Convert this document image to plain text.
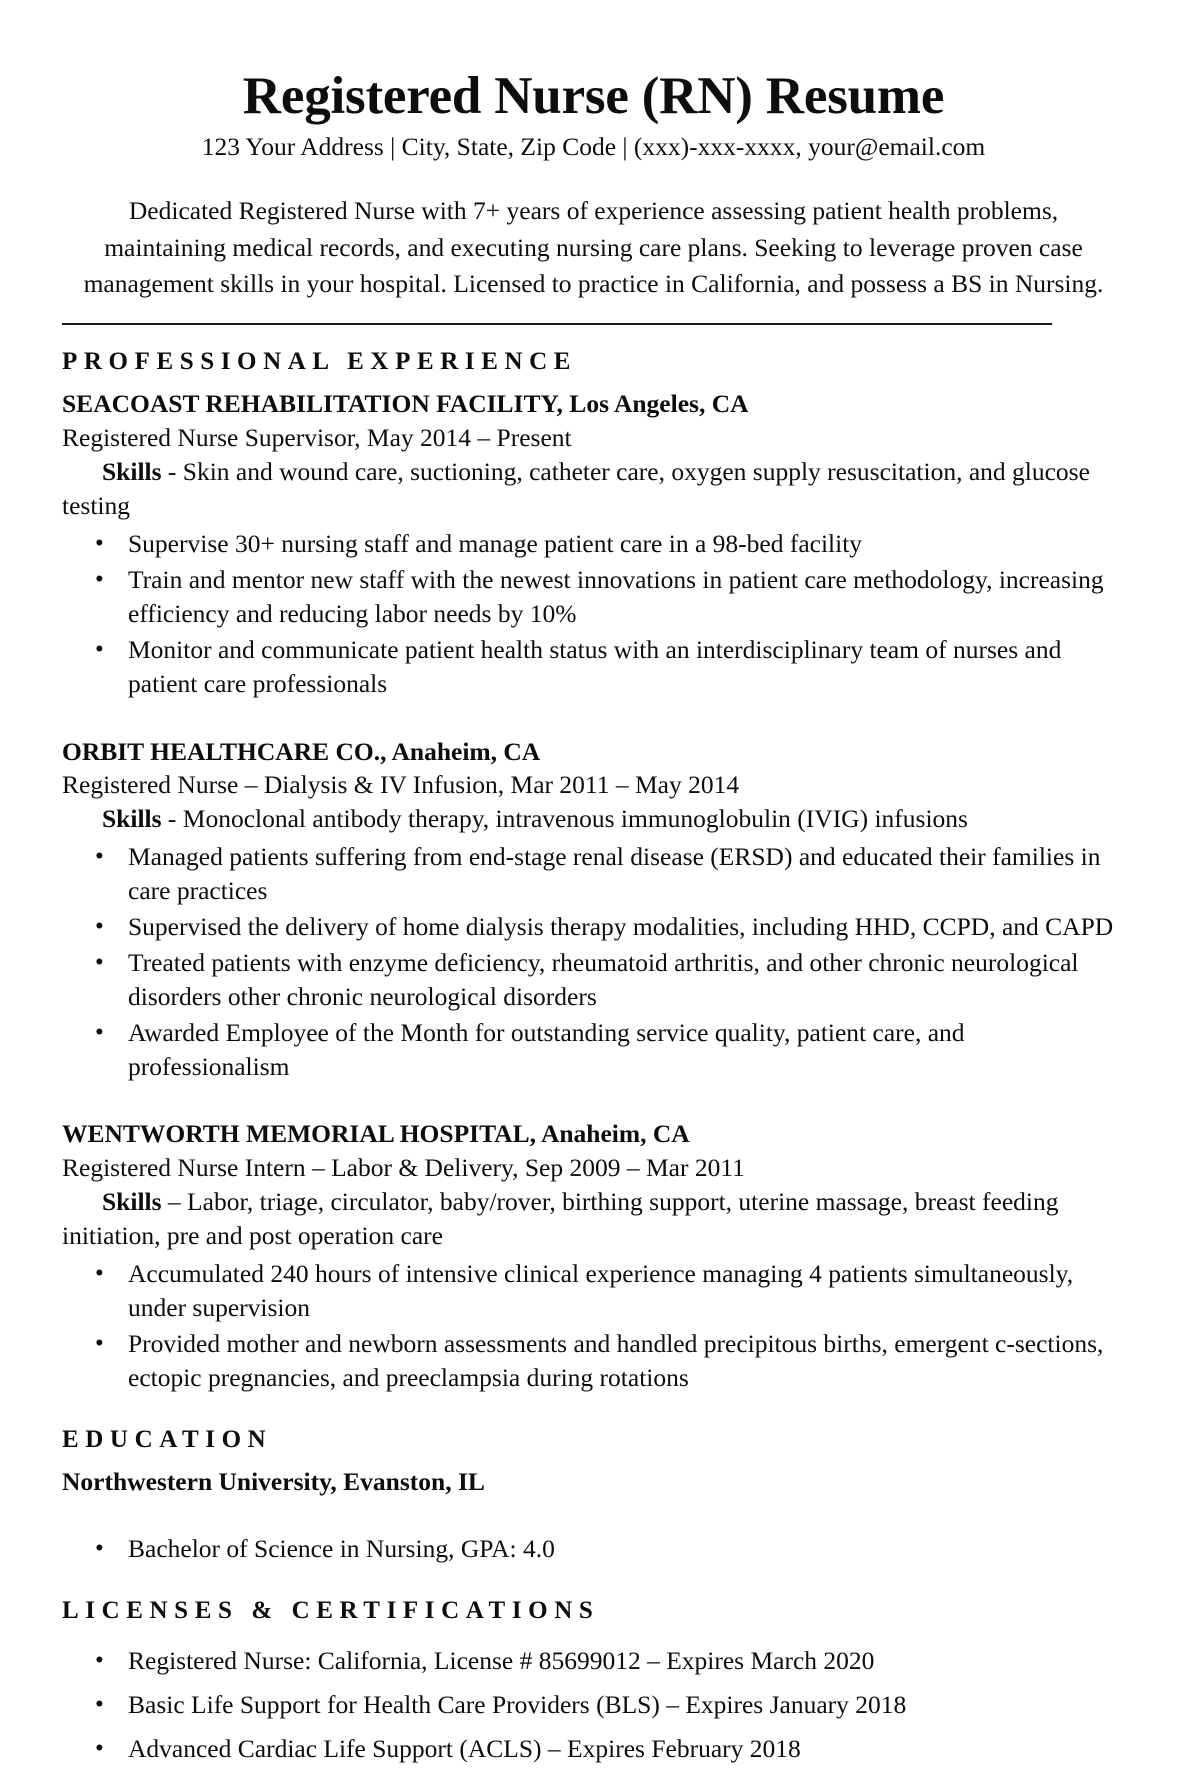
Registered Nurse (RN) Resume
123 Your Address | City, State, Zip Code | (xxx)-xxx-xxxx, your@email.com

Dedicated Registered Nurse with 7+ years of experience assessing patient health problems, maintaining medical records, and executing nursing care plans. Seeking to leverage proven case management skills in your hospital. Licensed to practice in California, and possess a BS in Nursing.

PROFESSIONAL EXPERIENCE
SEACOAST REHABILITATION FACILITY, Los Angeles, CA
Registered Nurse Supervisor, May 2014 – Present
Skills - Skin and wound care, suctioning, catheter care, oxygen supply resuscitation, and glucose testing
• Supervise 30+ nursing staff and manage patient care in a 98-bed facility
• Train and mentor new staff with the newest innovations in patient care methodology, increasing efficiency and reducing labor needs by 10%
• Monitor and communicate patient health status with an interdisciplinary team of nurses and patient care professionals
ORBIT HEALTHCARE CO., Anaheim, CA
Registered Nurse – Dialysis & IV Infusion, Mar 2011 – May 2014
Skills - Monoclonal antibody therapy, intravenous immunoglobulin (IVIG) infusions
• Managed patients suffering from end-stage renal disease (ERSD) and educated their families in care practices
• Supervised the delivery of home dialysis therapy modalities, including HHD, CCPD, and CAPD
• Treated patients with enzyme deficiency, rheumatoid arthritis, and other chronic neurological disorders other chronic neurological disorders
• Awarded Employee of the Month for outstanding service quality, patient care, and professionalism
WENTWORTH MEMORIAL HOSPITAL, Anaheim, CA
Registered Nurse Intern – Labor & Delivery, Sep 2009 – Mar 2011
Skills – Labor, triage, circulator, baby/rover, birthing support, uterine massage, breast feeding initiation, pre and post operation care
• Accumulated 240 hours of intensive clinical experience managing 4 patients simultaneously, under supervision
• Provided mother and newborn assessments and handled precipitous births, emergent c-sections, ectopic pregnancies, and preeclampsia during rotations
EDUCATION
Northwestern University, Evanston, IL
• Bachelor of Science in Nursing, GPA: 4.0
LICENSES & CERTIFICATIONS
• Registered Nurse: California, License # 85699012 – Expires March 2020
• Basic Life Support for Health Care Providers (BLS) – Expires January 2018
• Advanced Cardiac Life Support (ACLS) – Expires February 2018
